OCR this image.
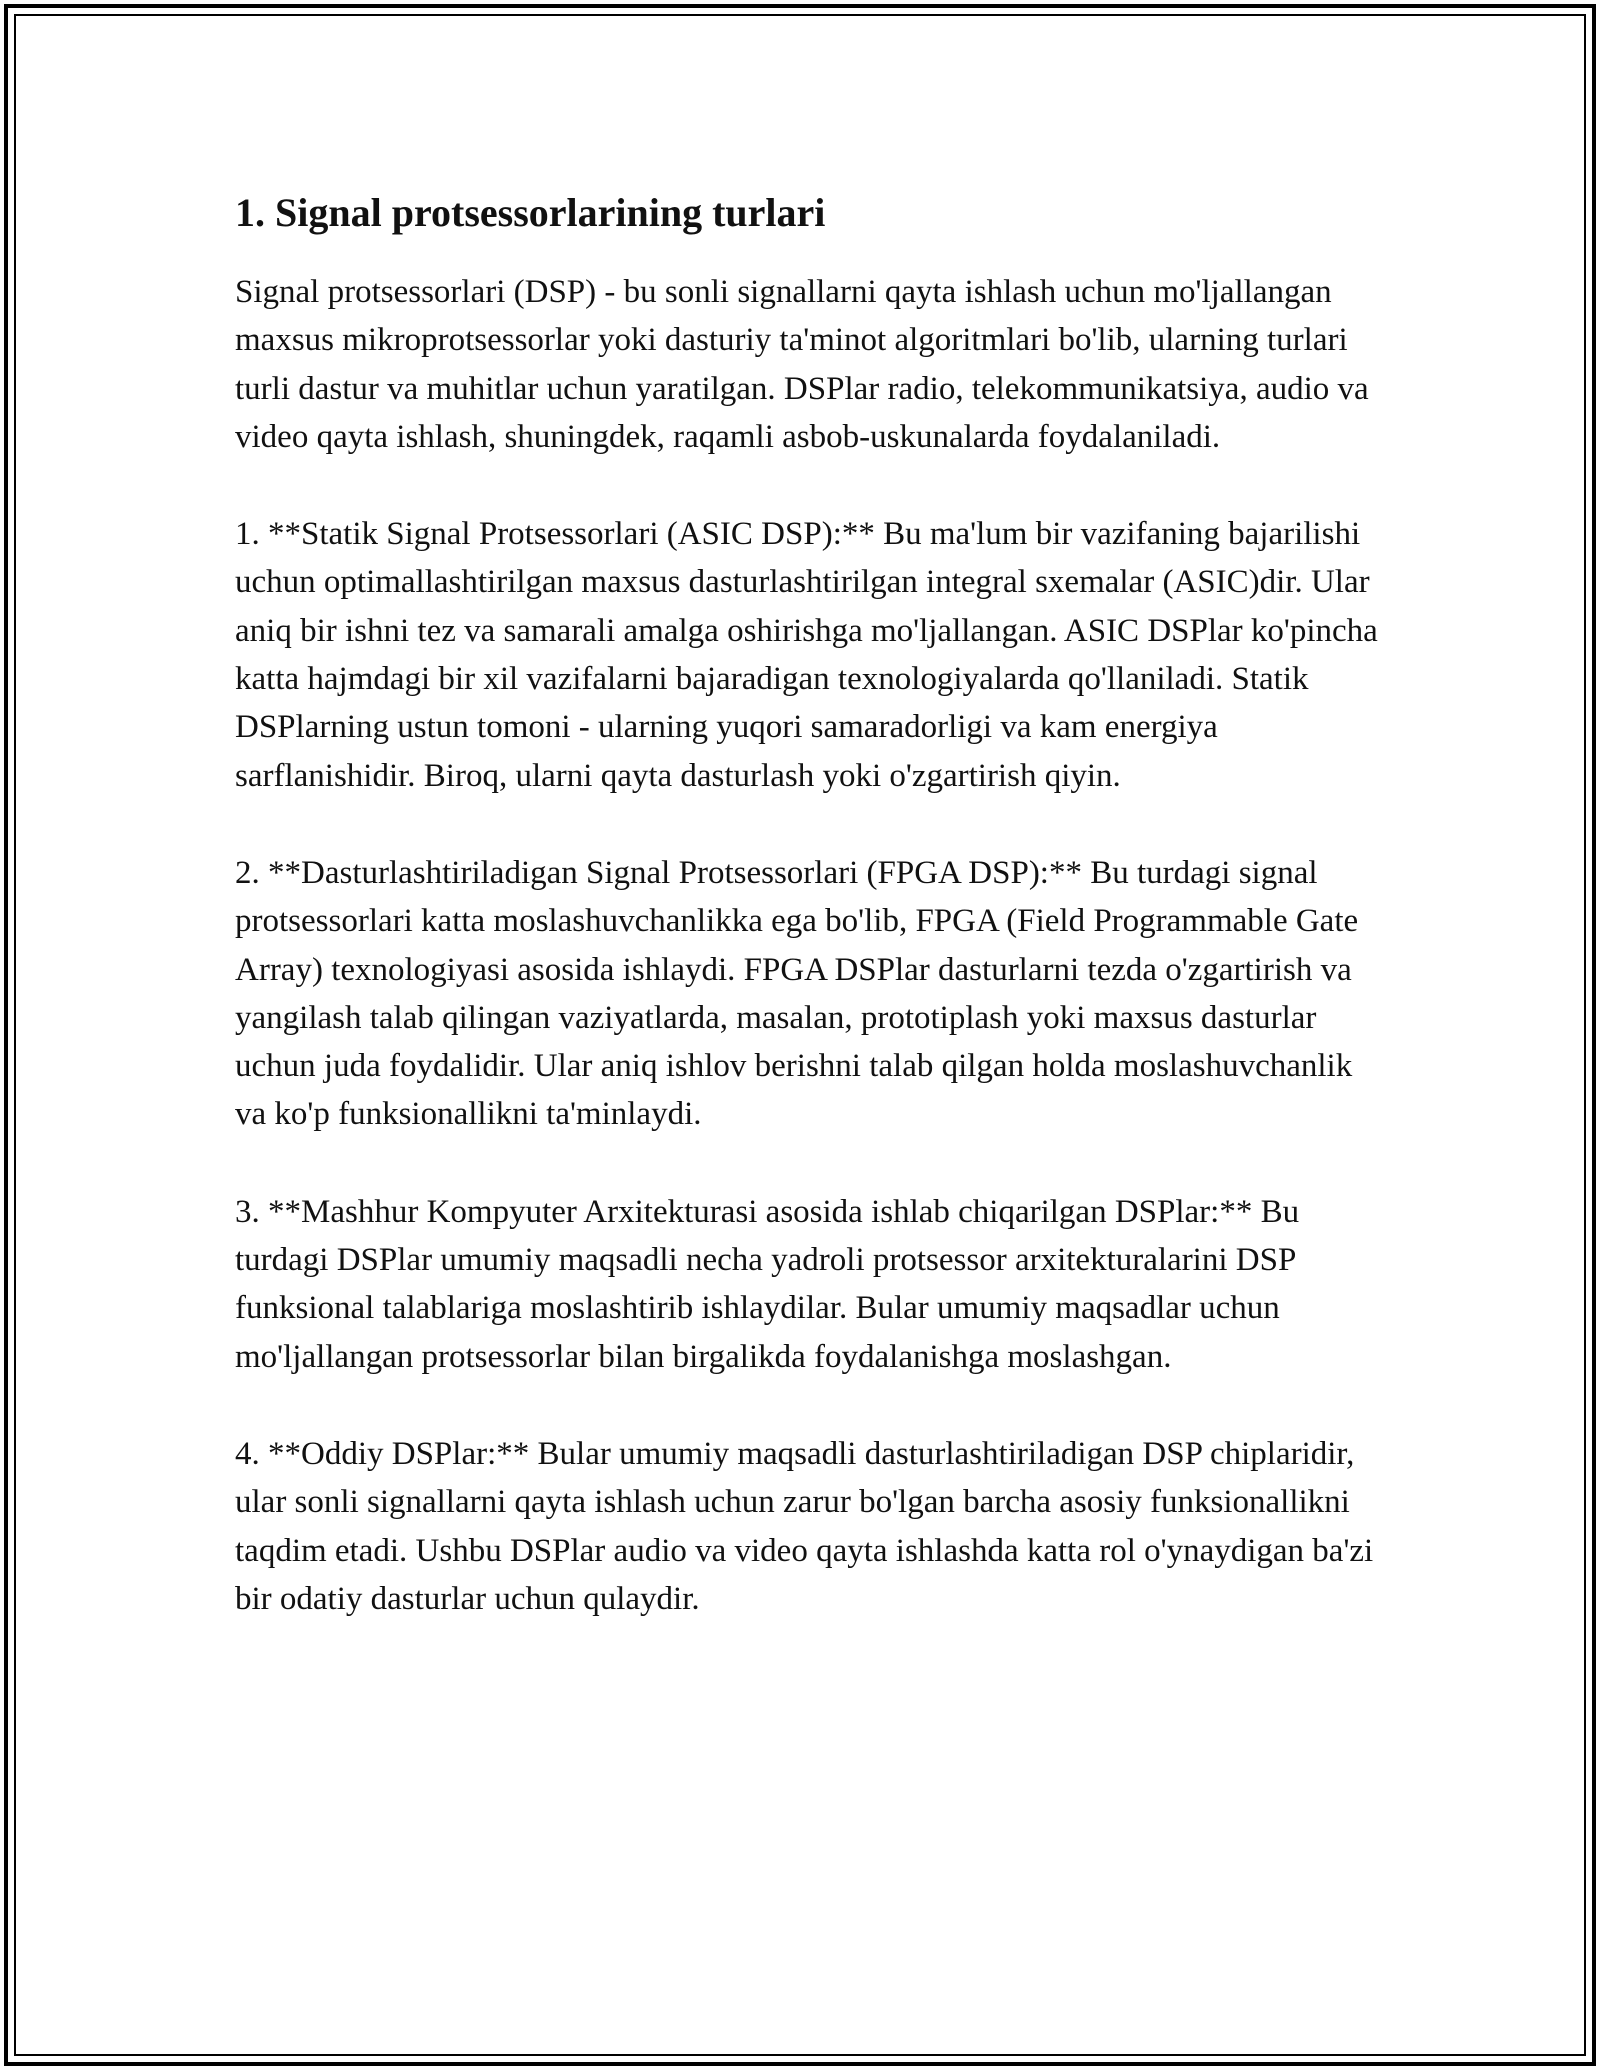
1. Signal protsessorlarining turlari

Signal protsessorlari (DSP) - bu sonli signallarni qayta ishlash uchun mo'ljallangan maxsus mikroprotsessorlar yoki dasturiy ta'minot algoritmlari bo'lib, ularning turlari turli dastur va muhitlar uchun yaratilgan. DSPlar radio, telekommunikatsiya, audio va video qayta ishlash, shuningdek, raqamli asbob-uskunalarda foydalaniladi.

1. **Statik Signal Protsessorlari (ASIC DSP):** Bu ma'lum bir vazifaning bajarilishi uchun optimallashtirilgan maxsus dasturlashtirilgan integral sxemalar (ASIC)dir. Ular aniq bir ishni tez va samarali amalga oshirishga mo'ljallangan. ASIC DSPlar ko'pincha katta hajmdagi bir xil vazifalarni bajaradigan texnologiyalarda qo'llaniladi. Statik DSPlarning ustun tomoni - ularning yuqori samaradorligi va kam energiya sarflanishidir. Biroq, ularni qayta dasturlash yoki o'zgartirish qiyin.

2. **Dasturlashtiriladigan Signal Protsessorlari (FPGA DSP):** Bu turdagi signal protsessorlari katta moslashuvchanlikka ega bo'lib, FPGA (Field Programmable Gate Array) texnologiyasi asosida ishlaydi. FPGA DSPlar dasturlarni tezda o'zgartirish va yangilash talab qilingan vaziyatlarda, masalan, prototiplash yoki maxsus dasturlar uchun juda foydalidir. Ular aniq ishlov berishni talab qilgan holda moslashuvchanlik va ko'p funksionallikni ta'minlaydi.

3. **Mashhur Kompyuter Arxitekturasi asosida ishlab chiqarilgan DSPlar:** Bu turdagi DSPlar umumiy maqsadli necha yadroli protsessor arxitekturalarini DSP funksional talablariga moslashtirib ishlaydilar. Bular umumiy maqsadlar uchun mo'ljallangan protsessorlar bilan birgalikda foydalanishga moslashgan.

4. **Oddiy DSPlar:** Bular umumiy maqsadli dasturlashtiriladigan DSP chiplaridir, ular sonli signallarni qayta ishlash uchun zarur bo'lgan barcha asosiy funksionallikni taqdim etadi. Ushbu DSPlar audio va video qayta ishlashda katta rol o'ynaydigan ba'zi bir odatiy dasturlar uchun qulaydir.
